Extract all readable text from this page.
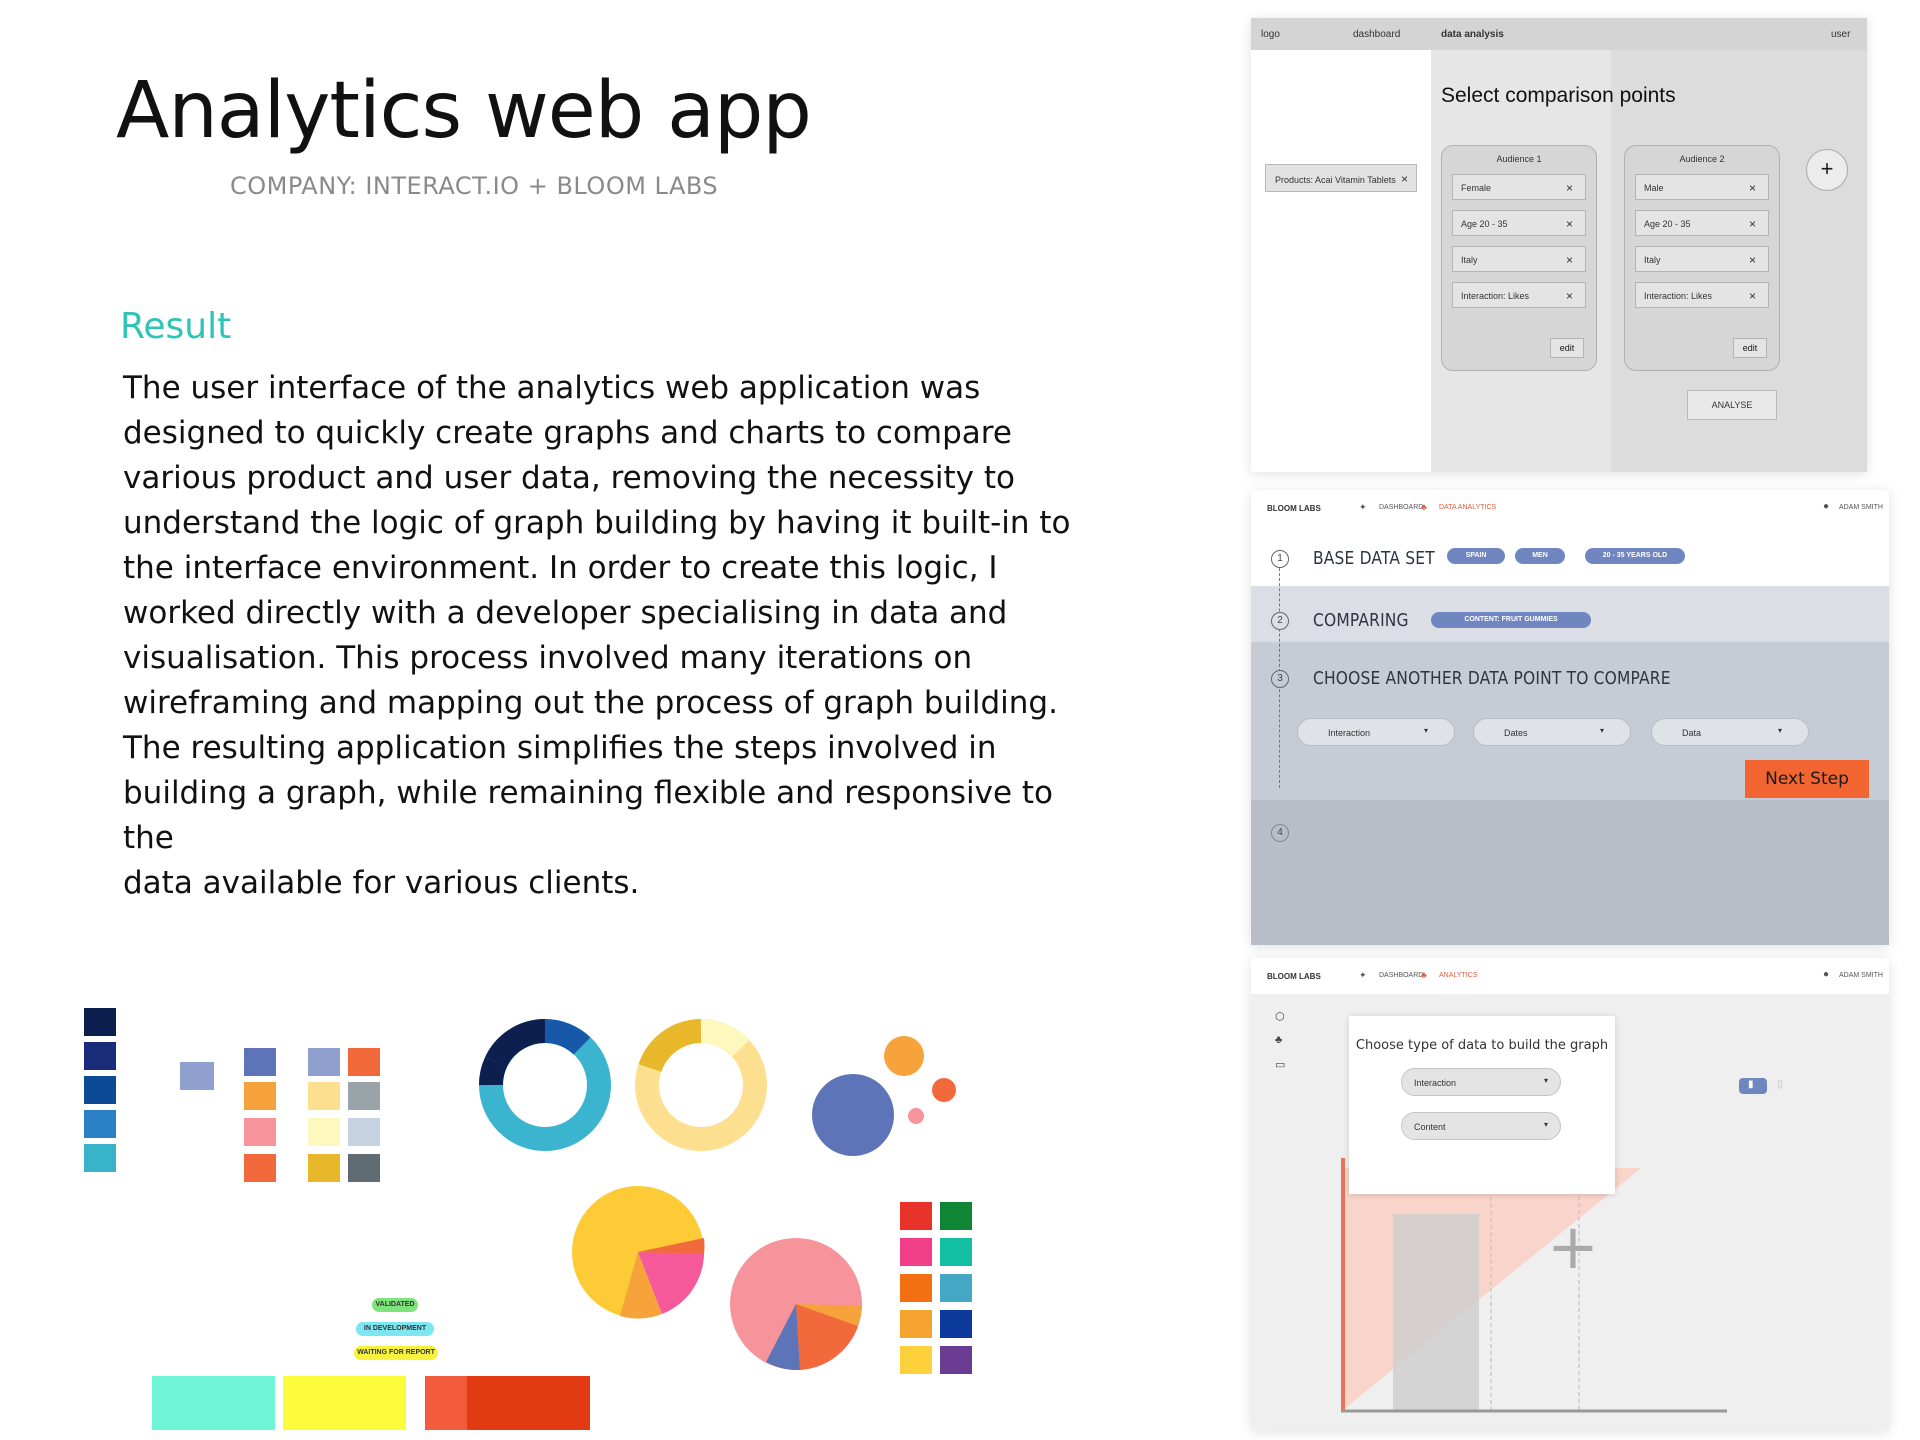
Analytics web app
COMPANY: INTERACT.IO + BLOOM LABS
Result
The user interface of the analytics web application was
designed to quickly create graphs and charts to compare
various product and user data, removing the necessity to
understand the logic of graph building by having it built-in to
the interface environment. In order to create this logic, I
worked directly with a developer specialising in data and
visualisation. This process involved many iterations on
wireframing and mapping out the process of graph building.
The resulting application simplifies the steps involved in
building a graph, while remaining flexible and responsive to the
data available for various clients.
logo	dashboard	data analysis	user
Products: Acai Vitamin Tablets ×
Select comparison points
Audience 1
Female	×
Age 20 - 35	×
Italy	×
Interaction: Likes	×
edit
Audience 2
Male	×
Age 20 - 35	×
Italy	×
Interaction: Likes	×
edit
ANALYSE
+
BLOOM LABS	✦ DASHBOARD
♣ DATA ANALYTICS	● ADAM SMITH
1	BASE DATA SET	SPAIN	MEN	20 - 35 YEARS OLD
2	COMPARING	CONTENT: FRUIT GUMMIES
3	CHOOSE ANOTHER DATA POINT TO COMPARE
Interaction	▾	Dates	▾	Data	▾
Next Step
4
BLOOM LABS	✦ DASHBOARD
♣ ANALYTICS	● ADAM SMITH
⬡
♣
▭
+
Choose type of data to build the graph
Interaction	▾
Content	▾
▮ ▯
VALIDATED
IN DEVELOPMENT
WAITING FOR REPORT
